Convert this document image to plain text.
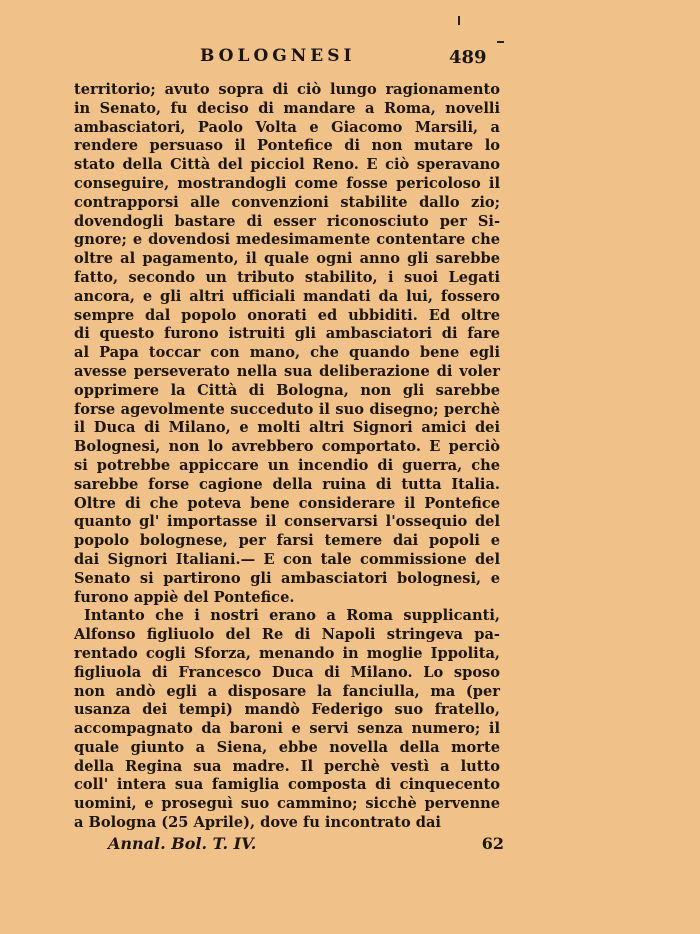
BOLOGNESI	489
territorio; avuto sopra di ciò lungo ragionamento
in Senato, fu deciso di mandare a Roma, novelli
ambasciatori, Paolo Volta e Giacomo Marsili, a
rendere persuaso il Pontefice di non mutare lo
stato della Città del picciol Reno. E ciò speravano
conseguire, mostrandogli come fosse pericoloso il
contrapporsi alle convenzioni stabilite dallo zio;
dovendogli bastare di esser riconosciuto per Si-
gnore; e dovendosi medesimamente contentare che
oltre al pagamento, il quale ogni anno gli sarebbe
fatto, secondo un tributo stabilito, i suoi Legati
ancora, e gli altri ufficiali mandati da lui, fossero
sempre dal popolo onorati ed ubbiditi. Ed oltre
di questo furono istruiti gli ambasciatori di fare
al Papa toccar con mano, che quando bene egli
avesse perseverato nella sua deliberazione di voler
opprimere la Città di Bologna, non gli sarebbe
forse agevolmente succeduto il suo disegno; perchè
il Duca di Milano, e molti altri Signori amici dei
Bolognesi, non lo avrebbero comportato. E perciò
si potrebbe appiccare un incendio di guerra, che
sarebbe forse cagione della ruina di tutta Italia.
Oltre di che poteva bene considerare il Pontefice
quanto gl' importasse il conservarsi l'ossequio del
popolo bolognese, per farsi temere dai popoli e
dai Signori Italiani.— E con tale commissione del
Senato si partirono gli ambasciatori bolognesi, e
furono appiè del Pontefice.
Intanto che i nostri erano a Roma supplicanti,
Alfonso figliuolo del Re di Napoli stringeva pa-
rentado cogli Sforza, menando in moglie Ippolita,
figliuola di Francesco Duca di Milano. Lo sposo
non andò egli a disposare la fanciulla, ma (per
usanza dei tempi) mandò Federigo suo fratello,
accompagnato da baroni e servi senza numero; il
quale giunto a Siena, ebbe novella della morte
della Regina sua madre. Il perchè vestì a lutto
coll' intera sua famiglia composta di cinquecento
uomini, e proseguì suo cammino; sicchè pervenne
a Bologna (25 Aprile), dove fu incontrato dai
Annal. Bol. T. IV.	62
